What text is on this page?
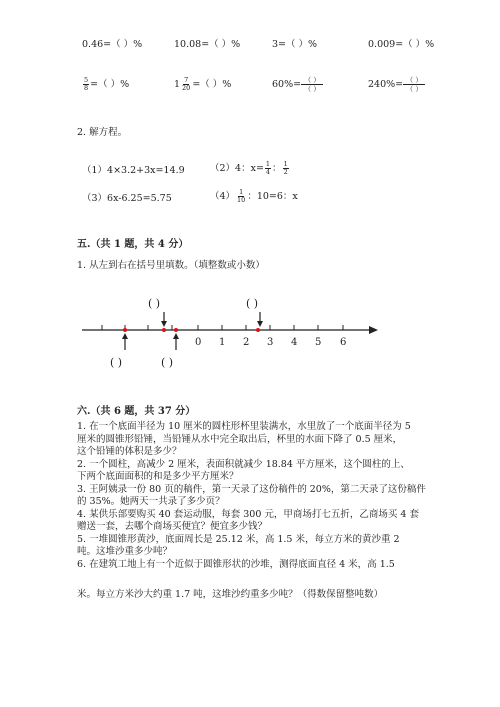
0.46=（ ）%	10.08=（ ）%	3=（ ）%	0.009=（ ）%
$\frac{5}{8}$ =（ ）%	$1 \frac{7}{20}$ =（ ）%	$60\%= \frac{( )}{( )}$	$240\%= \frac{( )}{( )}$
2. 解方程。
（1）4×3.2+3x=14.9	（2）4：$x= \frac{1}{4}$ ： $\frac{1}{2}$
（3）6x-6.25=5.75	$(4) \frac{1}{10}$ ：10=6：x
五.（共 1 题，共 4 分）
1. 从左到右在括号里填数。（填整数或小数）
0 1 2 3 4 5 6
( )	( )
( )	( )
六.（共 6 题，共 37 分）
1. 在一个底面半径为 10 厘米的圆柱形杯里装满水，水里放了一个底面半径为 5
厘米的圆锥形铅锤，当铅锤从水中完全取出后，杯里的水面下降了 0.5 厘米，
这个铅锤的体积是多少？
2. 一个圆柱，高减少 2 厘米，表面积就减少 18.84 平方厘米，这个圆柱的上、
下两个底面面积的和是多少平方厘米？
3. 王阿姨录一份 80 页的稿件，第一天录了这份稿件的 20%，第二天录了这份稿件
的 35%。她两天一共录了多少页？
4. 某供乐部要购买 40 套运动服，每套 300 元，甲商场打七五折，乙商场买 4 套
赠送一套，去哪个商场买便宜？便宜多少钱？
5. 一堆圆锥形黄沙，底面周长是 25.12 米，高 1.5 米，每立方米的黄沙重 2
吨。这堆沙重多少吨？
6. 在建筑工地上有一个近似于圆锥形状的沙堆，测得底面直径 4 米，高 1.5
米。每立方米沙大约重 1.7 吨，这堆沙约重多少吨？（得数保留整吨数）
